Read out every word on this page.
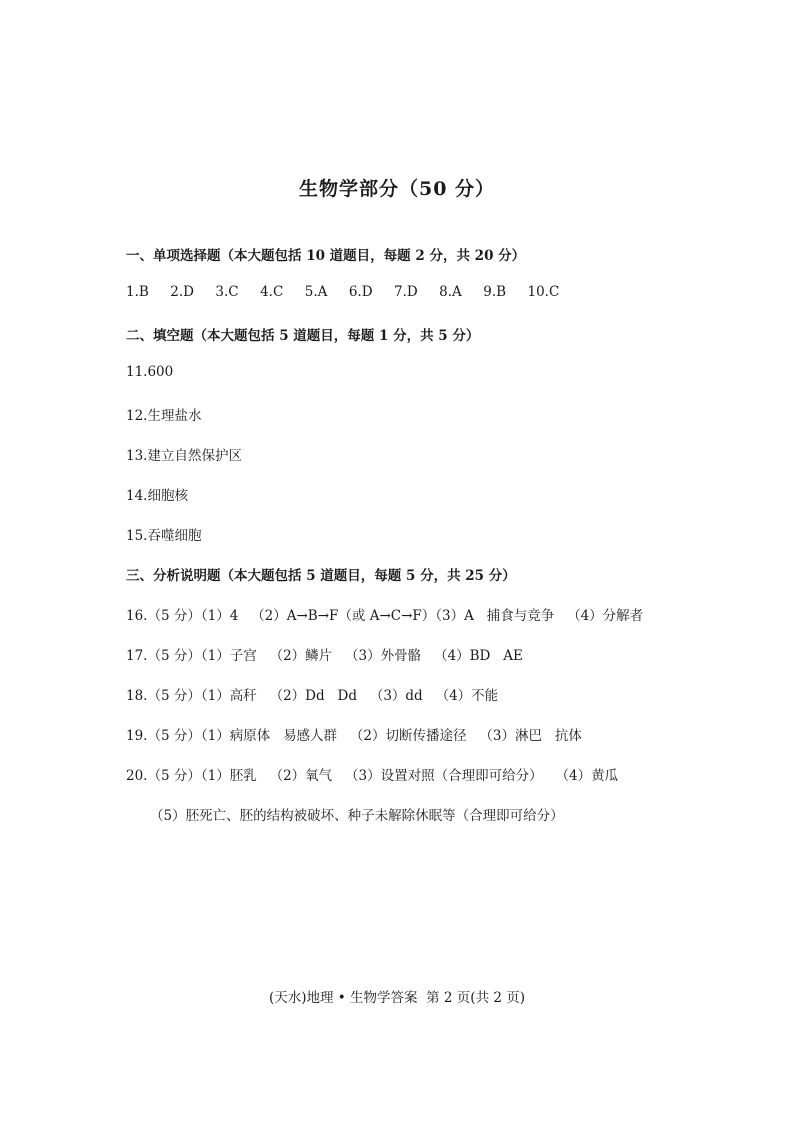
生物学部分（50 分）
一、单项选择题（本大题包括 10 道题目，每题 2 分，共 20 分）
1.B     2.D     3.C     4.C     5.A     6.D     7.D     8.A     9.B     10.C
二、填空题（本大题包括 5 道题目，每题 1 分，共 5 分）
11.600
12.生理盐水
13.建立自然保护区
14.细胞核
15.吞噬细胞
三、分析说明题（本大题包括 5 道题目，每题 5 分，共 25 分）
16.（5 分）（1）4   （2）A→B→F（或 A→C→F）（3）A   捕食与竞争   （4）分解者
17.（5 分）（1）子宫   （2）鳞片   （3）外骨骼   （4）BD   AE
18.（5 分）（1）高秆   （2）Dd   Dd   （3）dd   （4）不能
19.（5 分）（1）病原体   易感人群   （2）切断传播途径   （3）淋巴   抗体
20.（5 分）（1）胚乳   （2）氧气   （3）设置对照（合理即可给分）   （4）黄瓜
（5）胚死亡、胚的结构被破坏、种子未解除休眠等（合理即可给分）
(天水)地理 • 生物学答案  第 2 页(共 2 页)
